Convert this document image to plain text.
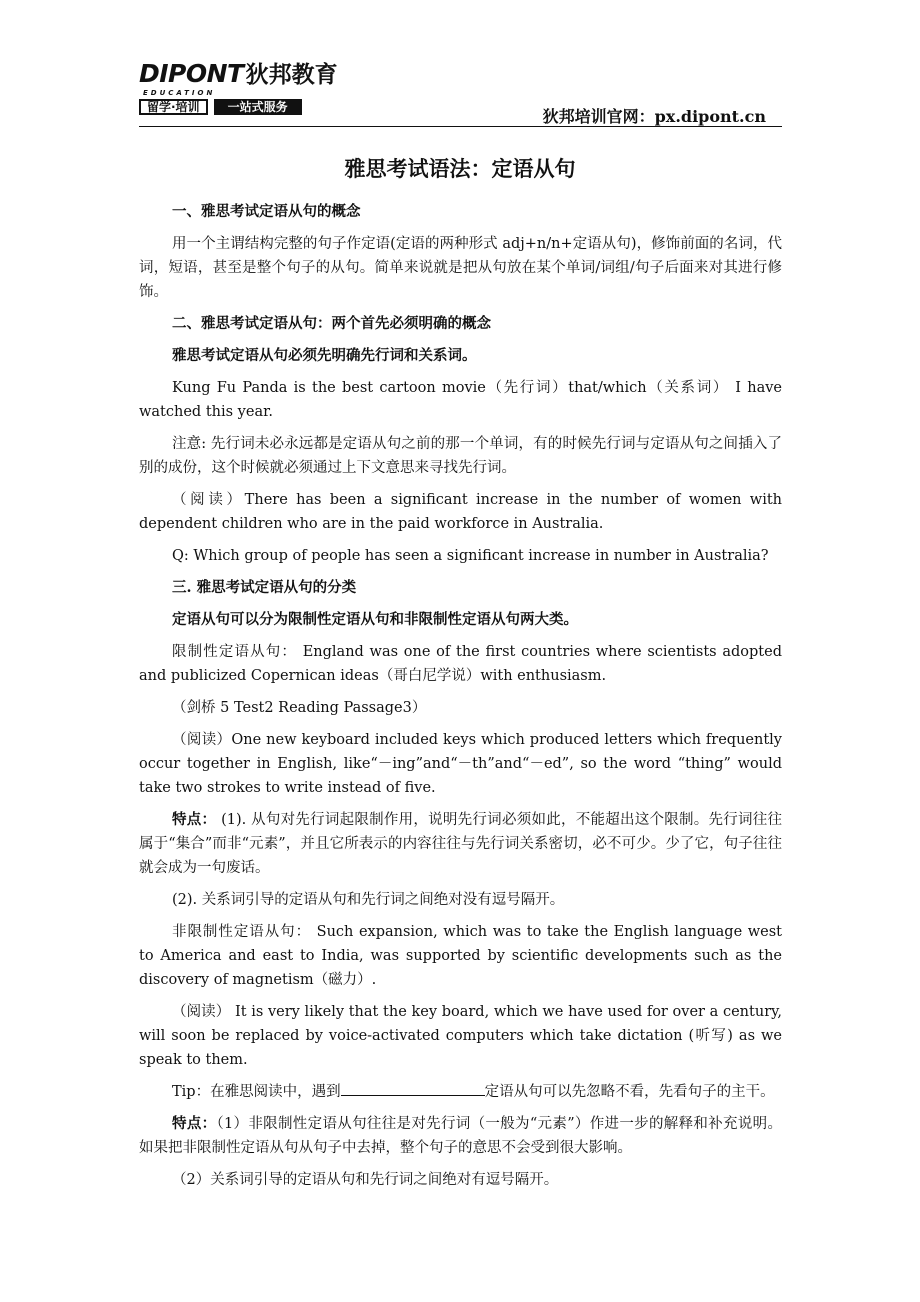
DIPONT 狄邦教育
EDUCATION
留学·培训	一站式服务	狄邦培训官网：px.dipont.cn
雅思考试语法：定语从句

一、雅思考试定语从句的概念

用一个主谓结构完整的句子作定语(定语的两种形式 adj+n/n+定语从句)，修饰前面的名词，代词，短语，甚至是整个句子的从句。简单来说就是把从句放在某个单词/词组/句子后面来对其进行修饰。

二、雅思考试定语从句：两个首先必须明确的概念

雅思考试定语从句必须先明确先行词和关系词。

Kung Fu Panda is the best cartoon movie（先行词）that/which（关系词） I have watched this year.

注意: 先行词未必永远都是定语从句之前的那一个单词，有的时候先行词与定语从句之间插入了别的成份，这个时候就必须通过上下文意思来寻找先行词。

（阅读）There has been a significant increase in the number of women with dependent children who are in the paid workforce in Australia.

Q: Which group of people has seen a significant increase in number in Australia?

三. 雅思考试定语从句的分类

定语从句可以分为限制性定语从句和非限制性定语从句两大类。

限制性定语从句： England was one of the first countries where scientists adopted and publicized Copernican ideas（哥白尼学说）with enthusiasm.

（剑桥 5 Test2 Reading Passage3）

（阅读）One new keyboard included keys which produced letters which frequently occur together in English, like“－ing”and“－th”and“－ed”, so the word “thing” would take two strokes to write instead of five.

特点： (1). 从句对先行词起限制作用，说明先行词必须如此，不能超出这个限制。先行词往往属于“集合”而非“元素”，并且它所表示的内容往往与先行词关系密切，必不可少。少了它，句子往往就会成为一句废话。

(2). 关系词引导的定语从句和先行词之间绝对没有逗号隔开。

非限制性定语从句： Such expansion, which was to take the English language west to America and east to India, was supported by scientific developments such as the discovery of magnetism（磁力）.

（阅读） It is very likely that the key board, which we have used for over a century, will soon be replaced by voice-activated computers which take dictation (听写) as we speak to them.

Tip：在雅思阅读中，遇到	定语从句可以先忽略不看，先看句子的主干。

特点：（1）非限制性定语从句往往是对先行词（一般为“元素”）作进一步的解释和补充说明。如果把非限制性定语从句从句子中去掉，整个句子的意思不会受到很大影响。

（2）关系词引导的定语从句和先行词之间绝对有逗号隔开。
